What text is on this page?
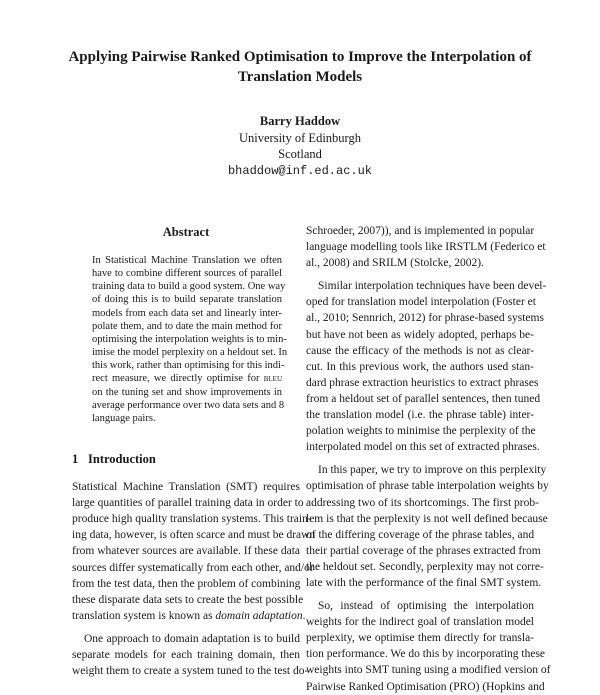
Applying Pairwise Ranked Optimisation to Improve the Interpolation of
Translation Models
Barry Haddow
University of Edinburgh
Scotland
bhaddow@inf.ed.ac.uk
Abstract
In Statistical Machine Translation we often
have to combine different sources of parallel
training data to build a good system. One way
of doing this is to build separate translation
models from each data set and linearly inter-
polate them, and to date the main method for
optimising the interpolation weights is to min-
imise the model perplexity on a heldout set. In
this work, rather than optimising for this indi-
rect measure, we directly optimise for bleu
on the tuning set and show improvements in
average performance over two data sets and 8
language pairs.
1 Introduction
Statistical Machine Translation (SMT) requires
large quantities of parallel training data in order to
produce high quality translation systems. This train-
ing data, however, is often scarce and must be drawn
from whatever sources are available. If these data
sources differ systematically from each other, and/or
from the test data, then the problem of combining
these disparate data sets to create the best possible
translation system is known as domain adaptation.
One approach to domain adaptation is to build
separate models for each training domain, then
weight them to create a system tuned to the test do-
Schroeder, 2007)), and is implemented in popular
language modelling tools like IRSTLM (Federico et
al., 2008) and SRILM (Stolcke, 2002).
Similar interpolation techniques have been devel-
oped for translation model interpolation (Foster et
al., 2010; Sennrich, 2012) for phrase-based systems
but have not been as widely adopted, perhaps be-
cause the efficacy of the methods is not as clear-
cut. In this previous work, the authors used stan-
dard phrase extraction heuristics to extract phrases
from a heldout set of parallel sentences, then tuned
the translation model (i.e. the phrase table) inter-
polation weights to minimise the perplexity of the
interpolated model on this set of extracted phrases.
In this paper, we try to improve on this perplexity
optimisation of phrase table interpolation weights by
addressing two of its shortcomings. The first prob-
lem is that the perplexity is not well defined because
of the differing coverage of the phrase tables, and
their partial coverage of the phrases extracted from
the heldout set. Secondly, perplexity may not corre-
late with the performance of the final SMT system.
So, instead of optimising the interpolation
weights for the indirect goal of translation model
perplexity, we optimise them directly for transla-
tion performance. We do this by incorporating these
weights into SMT tuning using a modified version of
Pairwise Ranked Optimisation (PRO) (Hopkins and
